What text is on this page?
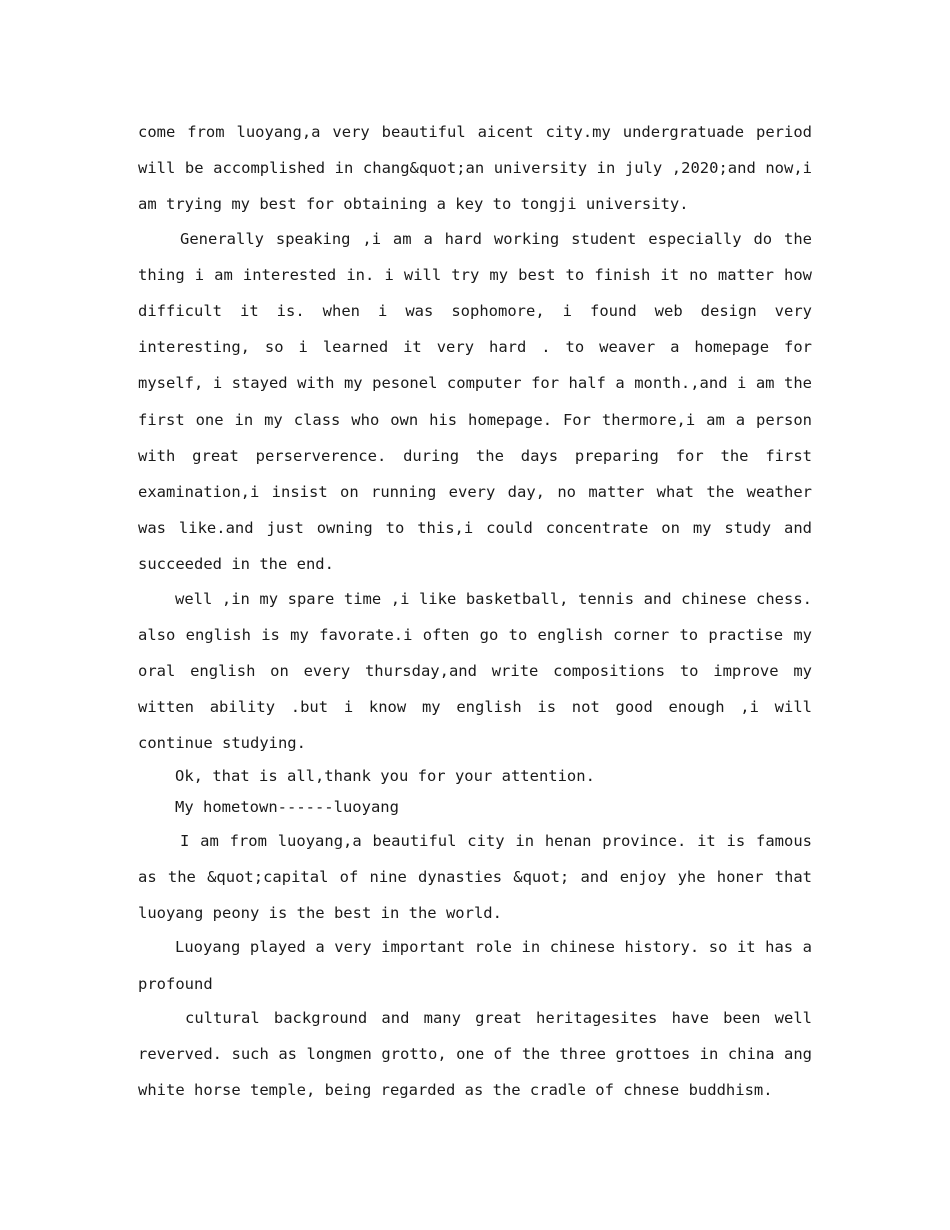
come from luoyang,a very beautiful aicent city.my undergratuade period will be accomplished in chang&quot;an university in july ,2020;and now,i am trying my best for obtaining a key to tongji university.

Generally speaking ,i am a hard working student especially do the thing i am interested in. i will try my best to finish it no matter how difficult it is. when i was sophomore, i found web design very interesting, so i learned it very hard . to weaver a homepage for myself, i stayed with my pesonel computer for half a month.,and i am the first one in my class who own his homepage. For thermore,i am a person with great perserverence. during the days preparing for the first examination,i insist on running every day, no matter what the weather was like.and just owning to this,i could concentrate on my study and succeeded in the end.

well ,in my spare time ,i like basketball, tennis and chinese chess. also english is my favorate.i often go to english corner to practise my oral english on every thursday,and write compositions to improve my witten ability .but i know my english is not good enough ,i will continue studying.

Ok, that is all,thank you for your attention.

My hometown------luoyang

I am from luoyang,a beautiful city in henan province. it is famous as the &quot;capital of nine dynasties &quot; and enjoy yhe honer that luoyang peony is the best in the world.

Luoyang played a very important role in chinese history. so it has a profound

cultural background and many great heritagesites have been well reverved. such as longmen grotto, one of the three grottoes in china ang white horse temple, being regarded as the cradle of chnese buddhism.
